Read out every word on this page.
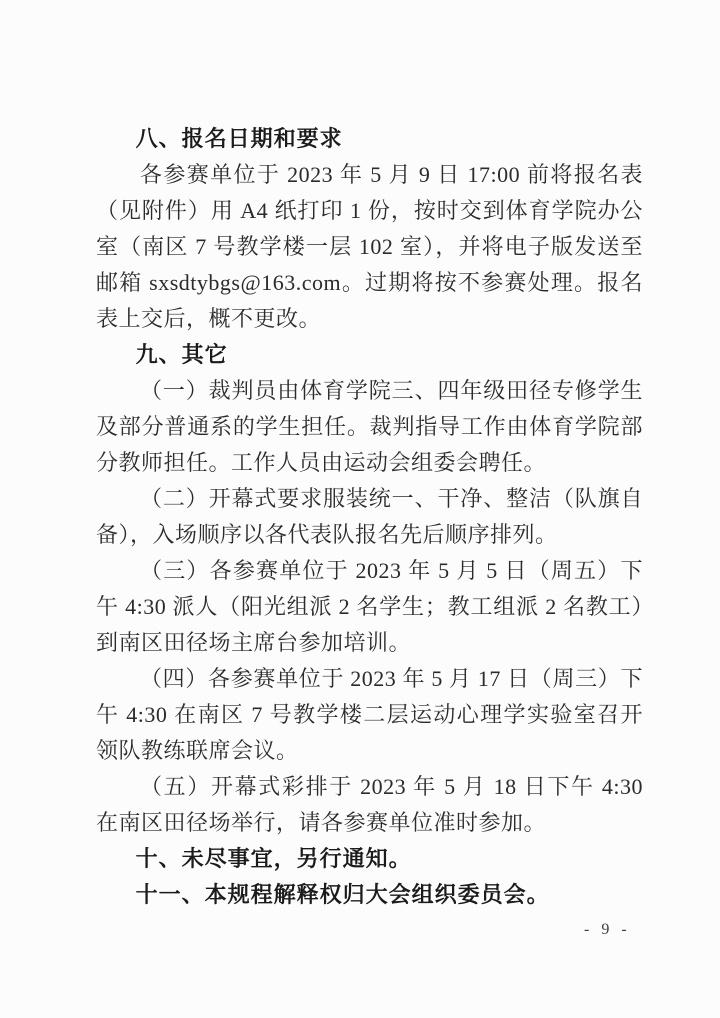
八、报名日期和要求

各参赛单位于 2023 年 5 月 9 日 17:00 前将报名表（见附件）用 A4 纸打印 1 份，按时交到体育学院办公室（南区 7 号教学楼一层 102 室），并将电子版发送至邮箱 sxsdtybgs@163.com。过期将按不参赛处理。报名表上交后，概不更改。

九、其它

（一）裁判员由体育学院三、四年级田径专修学生及部分普通系的学生担任。裁判指导工作由体育学院部分教师担任。工作人员由运动会组委会聘任。

（二）开幕式要求服装统一、干净、整洁（队旗自备），入场顺序以各代表队报名先后顺序排列。

（三）各参赛单位于 2023 年 5 月 5 日（周五）下午 4:30 派人（阳光组派 2 名学生；教工组派 2 名教工）到南区田径场主席台参加培训。

（四）各参赛单位于 2023 年 5 月 17 日（周三）下午 4:30 在南区 7 号教学楼二层运动心理学实验室召开领队教练联席会议。

（五）开幕式彩排于 2023 年 5 月 18 日下午 4:30 在南区田径场举行，请各参赛单位准时参加。

十、未尽事宜，另行通知。
十一、本规程解释权归大会组织委员会。
- 9 -
